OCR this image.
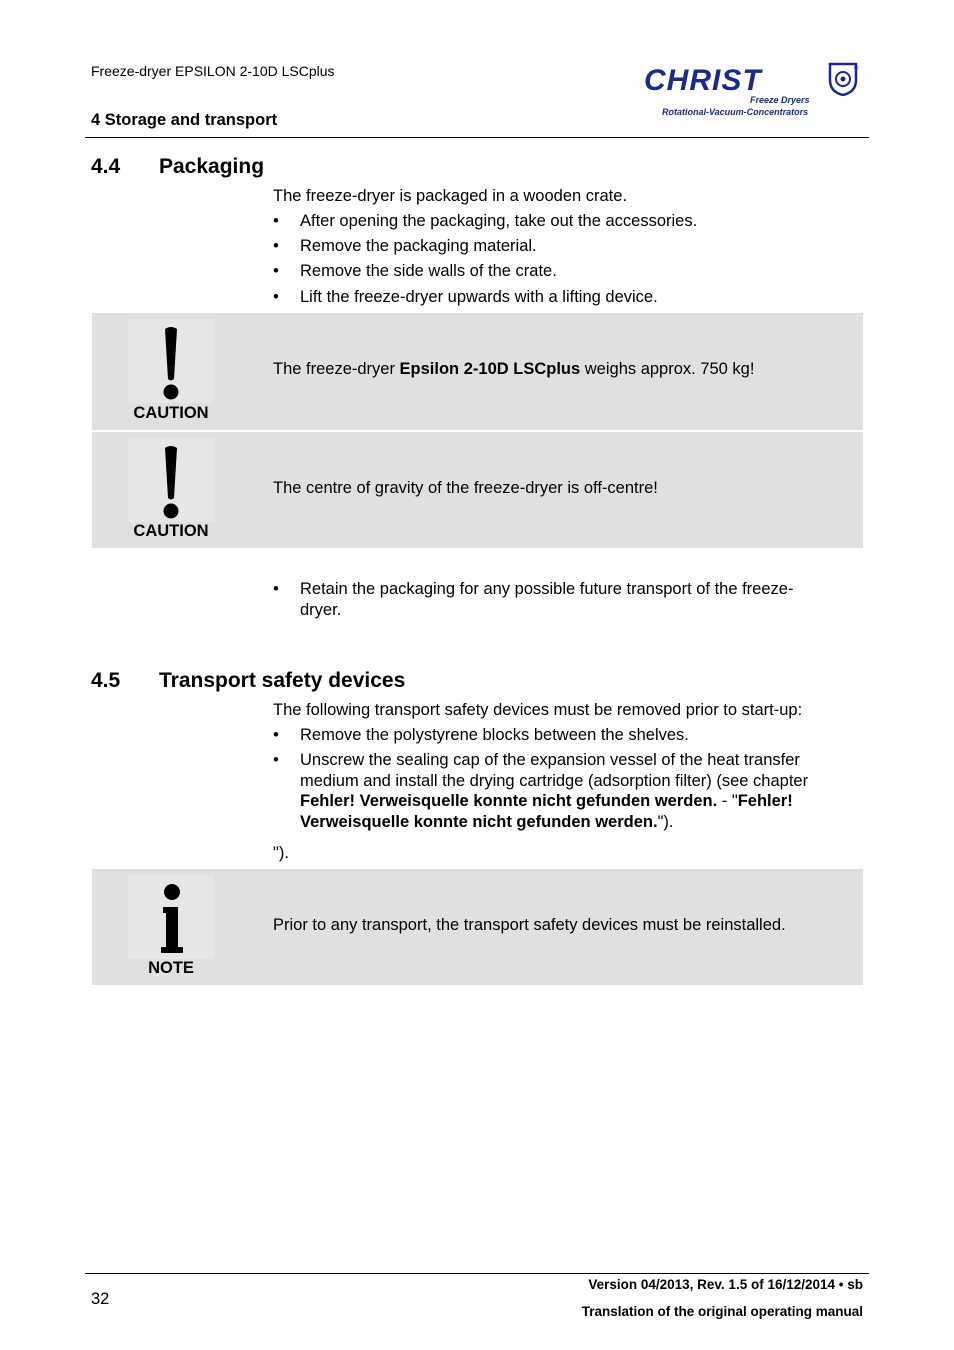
Freeze-dryer EPSILON 2-10D LSCplus
4 Storage and transport
CHRIST	®
Freeze Dryers
Rotational-Vacuum-Concentrators
4.4 Packaging
The freeze-dryer is packaged in a wooden crate.
• After opening the packaging, take out the accessories.
• Remove the packaging material.
• Remove the side walls of the crate.
• Lift the freeze-dryer upwards with a lifting device.
CAUTION
The freeze-dryer Epsilon 2-10D LSCplus weighs approx. 750 kg!
CAUTION
The centre of gravity of the freeze-dryer is off-centre!
• Retain the packaging for any possible future transport of the freeze-dryer.
4.5 Transport safety devices
The following transport safety devices must be removed prior to start-up:
• Remove the polystyrene blocks between the shelves.
• Unscrew the sealing cap of the expansion vessel of the heat transfer medium and install the drying cartridge (adsorption filter) (see chapter Fehler! Verweisquelle konnte nicht gefunden werden. - "Fehler! Verweisquelle konnte nicht gefunden werden.").
").
NOTE
Prior to any transport, the transport safety devices must be reinstalled.
32
Version 04/2013, Rev. 1.5 of 16/12/2014 • sb
Translation of the original operating manual
